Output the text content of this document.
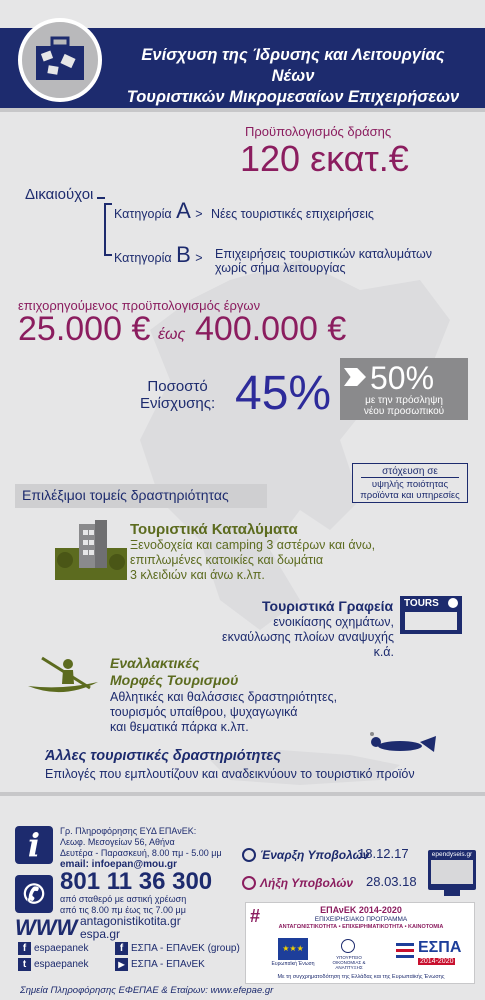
Ενίσχυση της Ίδρυσης και Λειτουργίας Νέων
Τουριστικών Μικρομεσαίων Επιχειρήσεων
Προϋπολογισμός δράσης
120 εκατ.€
Δικαιούχοι
Κατηγορία A > Νέες τουριστικές επιχειρήσεις
Κατηγορία B > Επιχειρήσεις τουριστικών καταλυμάτων
χωρίς σήμα λειτουργίας
επιχορηγούμενος προϋπολογισμός έργων
25.000 € έως 400.000 €
Ποσοστό
Ενίσχυσης: 45% 50%
με την πρόσληψη
νέου προσωπικού
στόχευση σε
υψηλής ποιότητας
προϊόντα και υπηρεσίες
Επιλέξιμοι τομείς δραστηριότητας
Τουριστικά Καταλύματα
Ξενοδοχεία και camping 3 αστέρων και άνω,
επιπλωμένες κατοικίες και δωμάτια
3 κλειδιών και άνω κ.λπ.
Τουριστικά Γραφεία
ενοικίασης οχημάτων,
εκναύλωσης πλοίων αναψυχής κ.ά.
TOURS
Εναλλακτικές
Μορφές Τουρισμού
Αθλητικές και θαλάσσιες δραστηριότητες,
τουρισμός υπαίθρου, ψυχαγωγικά
και θεματικά πάρκα κ.λπ.
Άλλες τουριστικές δραστηριότητες
Επιλογές που εμπλουτίζουν και αναδεικνύουν το τουριστικό προϊόν
i	Γρ. Πληροφόρησης ΕΥΔ ΕΠΑνΕΚ:
Λεωφ. Μεσογείων 56, Αθήνα
Δευτέρα - Παρασκευή, 8.00 πμ - 5.00 μμ
email: infoepan@mou.gr
✆ 801 11 36 300
από σταθερό με αστική χρέωση
από τις 8.00 πμ έως τις 7.00 μμ
WWW antagonistikotita.gr
espa.gr
f espaepanek	f ΕΣΠΑ - ΕΠΑνΕΚ (group)
t espaepanek	▶ ΕΣΠΑ - ΕΠΑνΕΚ
Έναρξη Υποβολών
18.12.17
Λήξη Υποβολών 28.03.18
ependyseis.gr
#	ΕΠΑνΕΚ 2014-2020
ΕΠΙΧΕΙΡΗΣΙΑΚΟ ΠΡΟΓΡΑΜΜΑ
ΑΝΤΑΓΩΝΙΣΤΙΚΟΤΗΤΑ • ΕΠΙΧΕΙΡΗΜΑΤΙΚΟΤΗΤΑ • ΚΑΙΝΟΤΟΜΙΑ
★★★
Ευρωπαϊκή Ένωση
ΥΠΟΥΡΓΕΙΟ ΟΙΚΟΝΟΜΙΑΣ & ΑΝΑΠΤΥΞΗΣ
ΕΣΠΑ
2014-2020
Με τη συγχρηματοδότηση της Ελλάδας και της Ευρωπαϊκής Ένωσης
Σημεία Πληροφόρησης ΕΦΕΠΑΕ & Εταίρων: www.efepae.gr
